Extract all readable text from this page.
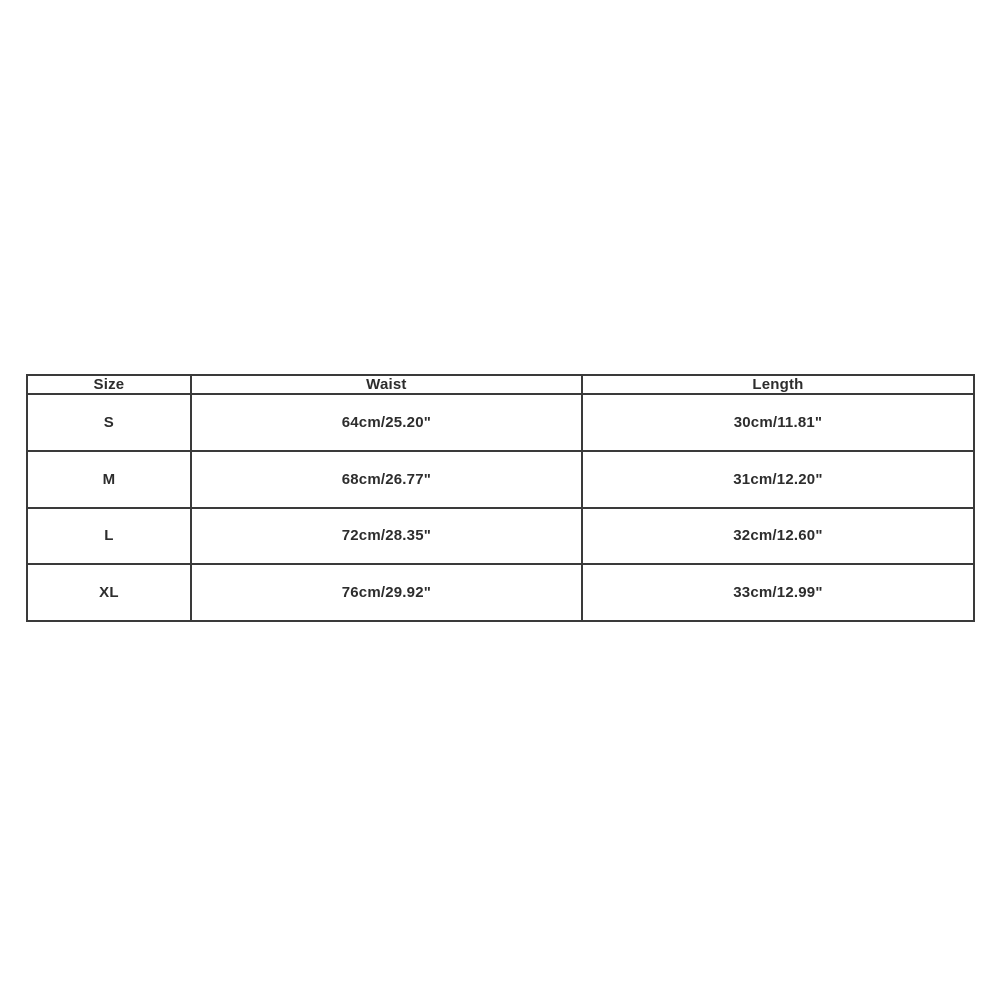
Size	Waist	Length
S	64cm/25.20"	30cm/11.81"
M	68cm/26.77"	31cm/12.20"
L	72cm/28.35"	32cm/12.60"
XL	76cm/29.92"	33cm/12.99"
